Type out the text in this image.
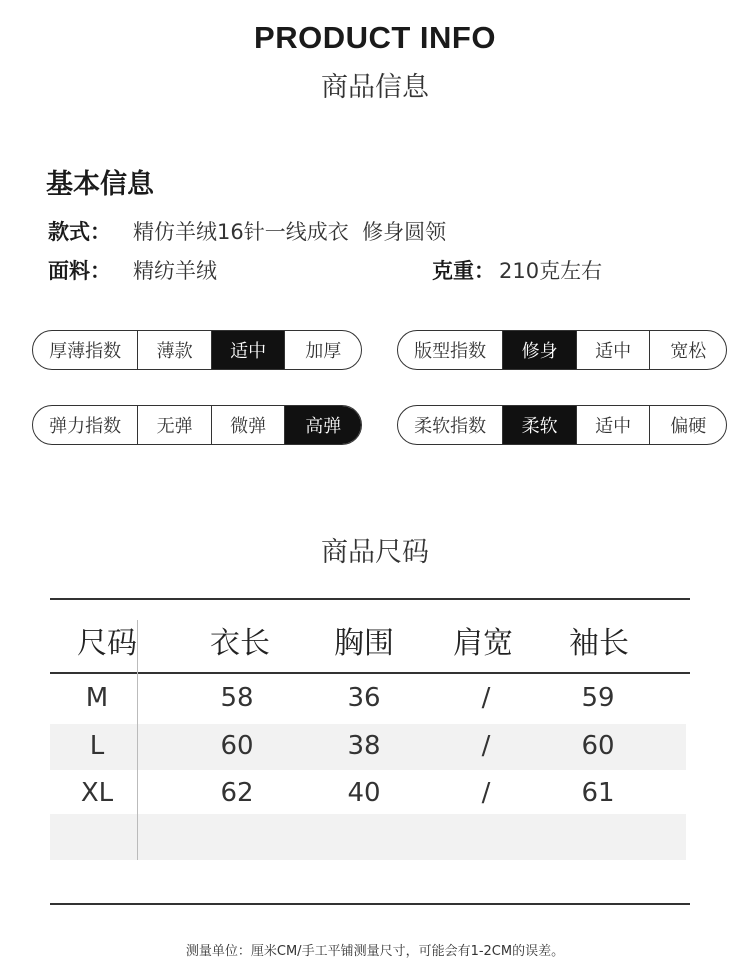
PRODUCT INFO
商品信息
基本信息
款式： 精仿羊绒16针一线成衣  修身圆领
面料： 精纺羊绒	克重： 210克左右
厚薄指数	薄款	适中	加厚	版型指数	修身	适中	宽松
弹力指数	无弹	微弹	高弹	柔软指数	柔软	适中	偏硬
商品尺码
尺码	衣长	胸围	肩宽	袖长
M	58	36	/	59
L	60	38	/	60
XL	62	40	/	61
测量单位：厘米CM/手工平铺测量尺寸，可能会有1-2CM的误差。
